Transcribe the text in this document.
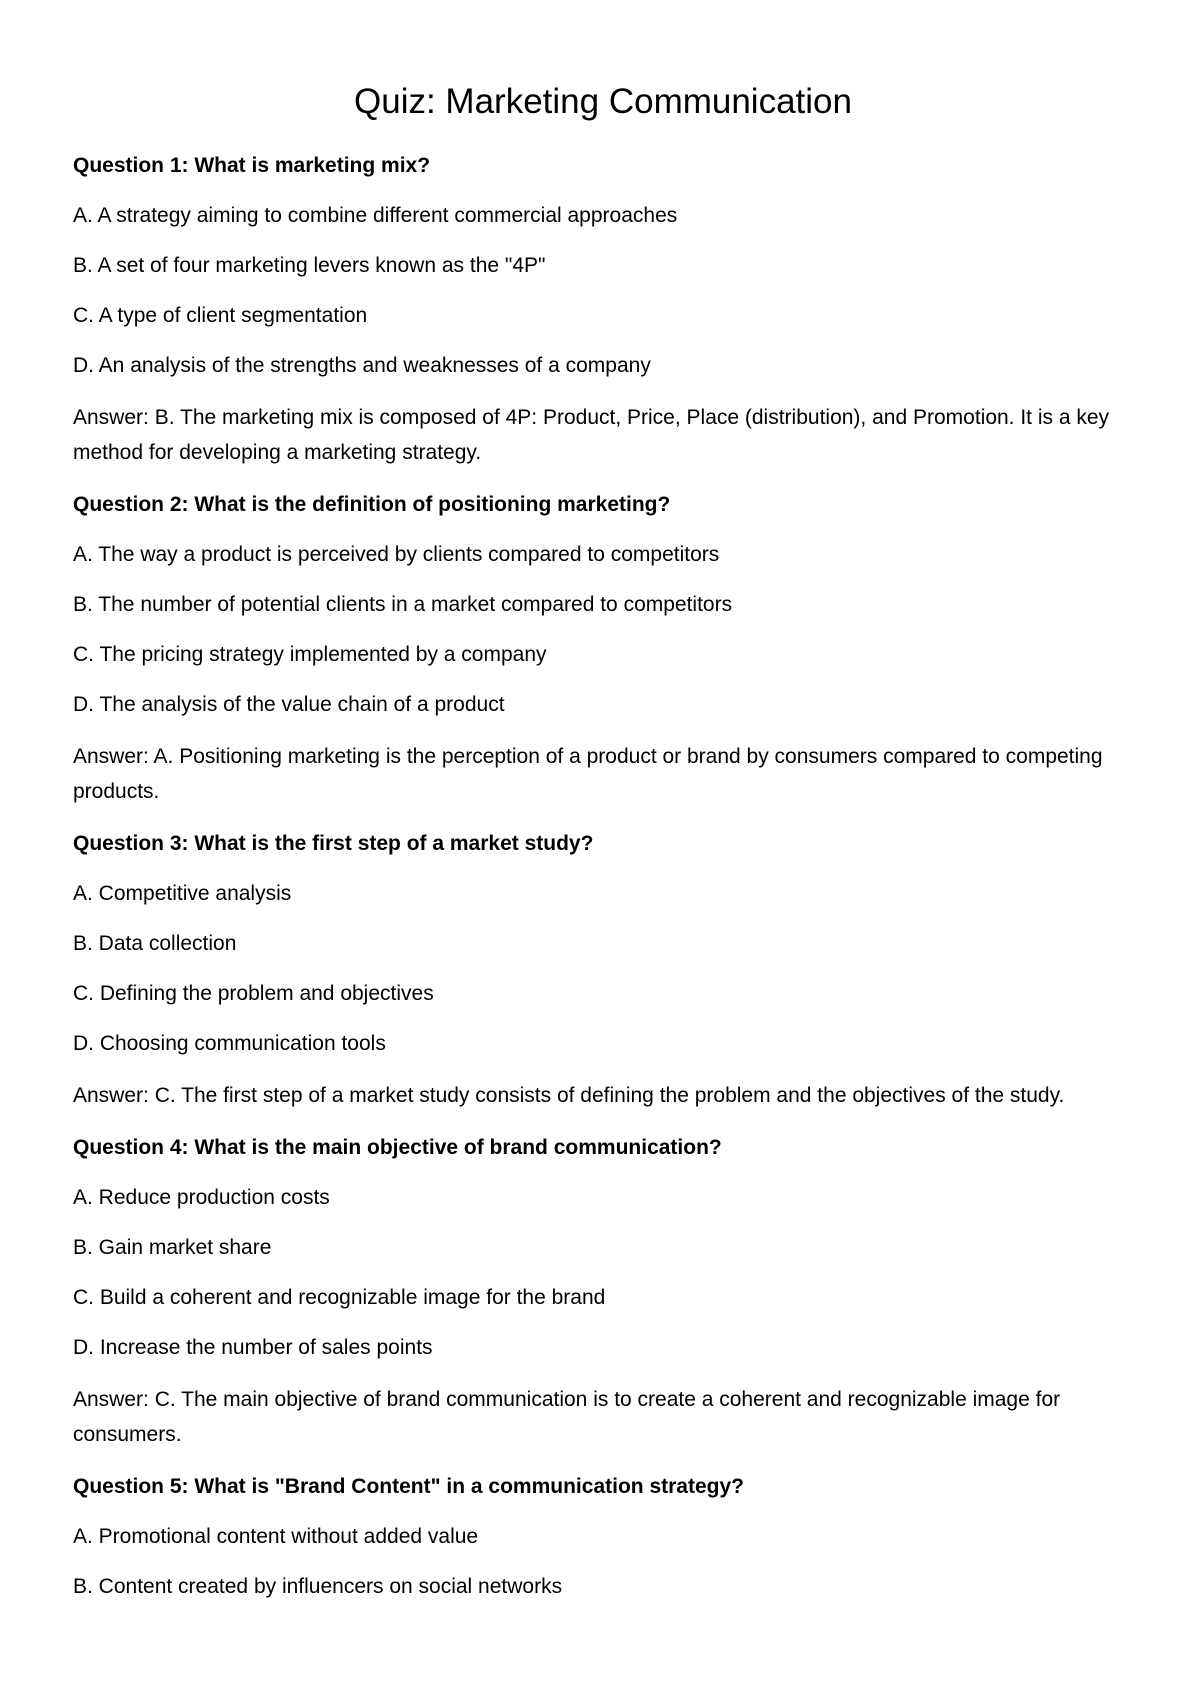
Quiz: Marketing Communication

Question 1: What is marketing mix?

A. A strategy aiming to combine different commercial approaches

B. A set of four marketing levers known as the "4P"

C. A type of client segmentation

D. An analysis of the strengths and weaknesses of a company

Answer: B. The marketing mix is composed of 4P: Product, Price, Place (distribution), and Promotion. It is a key method for developing a marketing strategy.

Question 2: What is the definition of positioning marketing?

A. The way a product is perceived by clients compared to competitors

B. The number of potential clients in a market compared to competitors

C. The pricing strategy implemented by a company

D. The analysis of the value chain of a product

Answer: A. Positioning marketing is the perception of a product or brand by consumers compared to competing products.

Question 3: What is the first step of a market study?

A. Competitive analysis

B. Data collection

C. Defining the problem and objectives

D. Choosing communication tools

Answer: C. The first step of a market study consists of defining the problem and the objectives of the study.

Question 4: What is the main objective of brand communication?

A. Reduce production costs

B. Gain market share

C. Build a coherent and recognizable image for the brand

D. Increase the number of sales points

Answer: C. The main objective of brand communication is to create a coherent and recognizable image for consumers.

Question 5: What is "Brand Content" in a communication strategy?

A. Promotional content without added value

B. Content created by influencers on social networks
